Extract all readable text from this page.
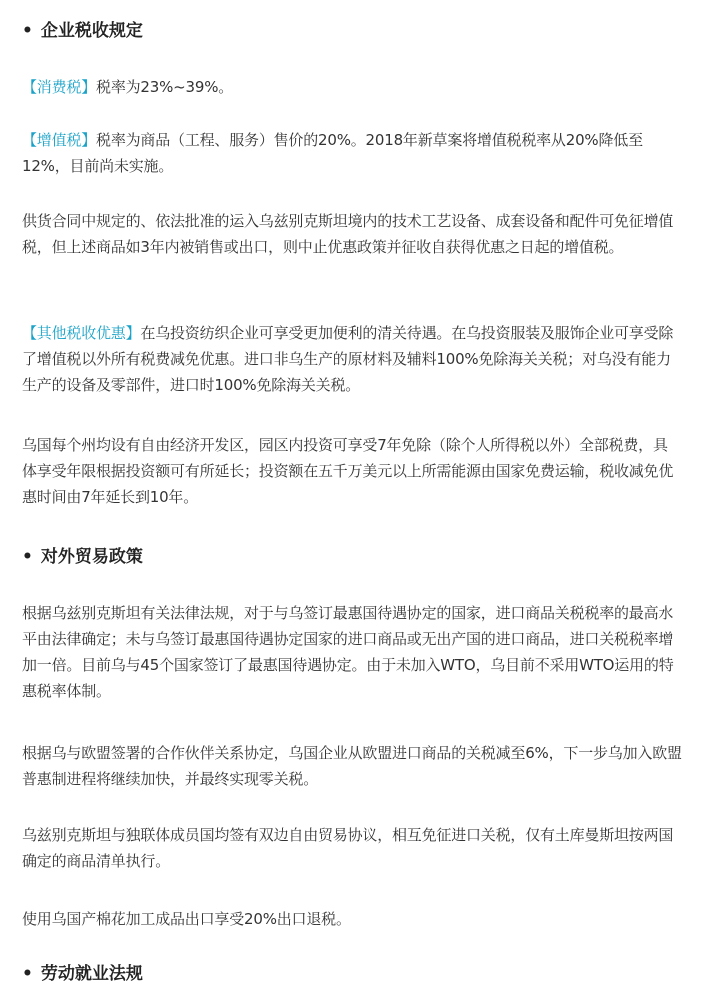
• 企业税收规定
【消费税】税率为23%~39%。
【增值税】税率为商品（工程、服务）售价的20%。2018年新草案将增值税税率从20%降低至12%，目前尚未实施。
供货合同中规定的、依法批准的运入乌兹别克斯坦境内的技术工艺设备、成套设备和配件可免征增值税，但上述商品如3年内被销售或出口，则中止优惠政策并征收自获得优惠之日起的增值税。
【其他税收优惠】在乌投资纺织企业可享受更加便利的清关待遇。在乌投资服装及服饰企业可享受除了增值税以外所有税费减免优惠。进口非乌生产的原材料及辅料100%免除海关关税；对乌没有能力生产的设备及零部件，进口时100%免除海关关税。
乌国每个州均设有自由经济开发区，园区内投资可享受7年免除（除个人所得税以外）全部税费，具体享受年限根据投资额可有所延长；投资额在五千万美元以上所需能源由国家免费运输，税收减免优惠时间由7年延长到10年。
• 对外贸易政策
根据乌兹别克斯坦有关法律法规，对于与乌签订最惠国待遇协定的国家，进口商品关税税率的最高水平由法律确定；未与乌签订最惠国待遇协定国家的进口商品或无出产国的进口商品，进口关税税率增加一倍。目前乌与45个国家签订了最惠国待遇协定。由于未加入WTO，乌目前不采用WTO运用的特惠税率体制。
根据乌与欧盟签署的合作伙伴关系协定，乌国企业从欧盟进口商品的关税减至6%，下一步乌加入欧盟普惠制进程将继续加快，并最终实现零关税。
乌兹别克斯坦与独联体成员国均签有双边自由贸易协议，相互免征进口关税，仅有土库曼斯坦按两国确定的商品清单执行。
使用乌国产棉花加工成品出口享受20%出口退税。
• 劳动就业法规
